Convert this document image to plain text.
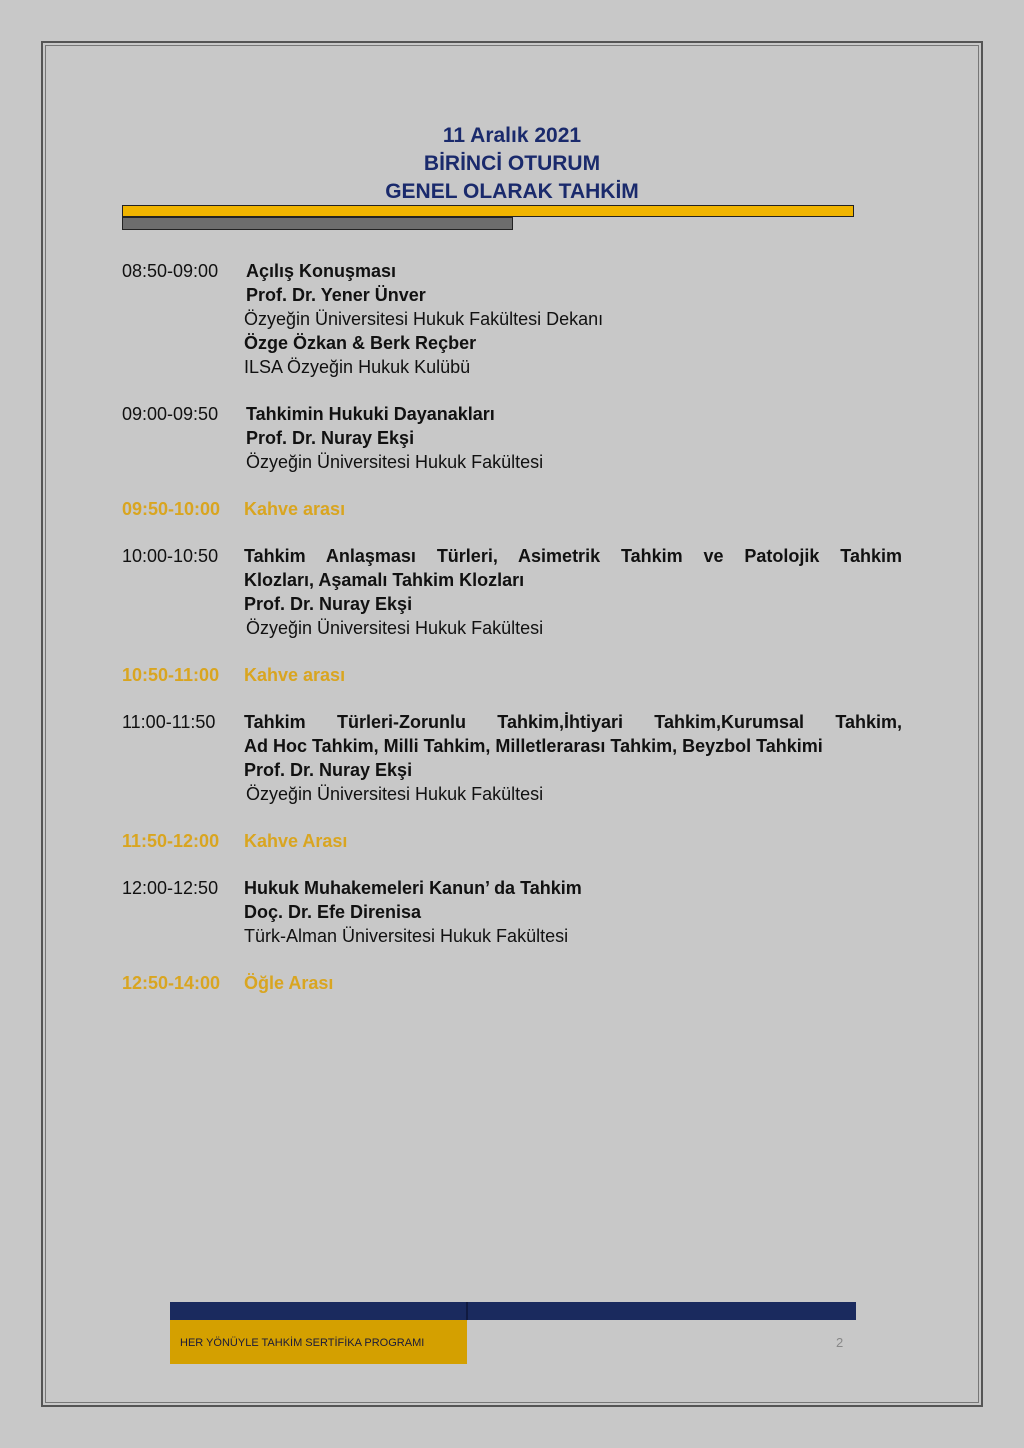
11 Aralık 2021
BİRİNCİ OTURUM
GENEL OLARAK TAHKİM
08:50-09:00 Açılış Konuşması
Prof. Dr. Yener Ünver
Özyeğin Üniversitesi Hukuk Fakültesi Dekanı
Özge Özkan & Berk Reçber
ILSA Özyeğin Hukuk Kulübü
09:00-09:50 Tahkimin Hukuki Dayanakları
Prof. Dr. Nuray Ekşi
Özyeğin Üniversitesi Hukuk Fakültesi
09:50-10:00 Kahve arası
10:00-10:50 Tahkim Anlaşması Türleri, Asimetrik Tahkim ve Patolojik Tahkim
Klozları, Aşamalı Tahkim Klozları
Prof. Dr. Nuray Ekşi
Özyeğin Üniversitesi Hukuk Fakültesi
10:50-11:00 Kahve arası
11:00-11:50 Tahkim Türleri-Zorunlu Tahkim,İhtiyari Tahkim,Kurumsal Tahkim,
Ad Hoc Tahkim, Milli Tahkim, Milletlerarası Tahkim, Beyzbol Tahkimi
Prof. Dr. Nuray Ekşi
Özyeğin Üniversitesi Hukuk Fakültesi
11:50-12:00 Kahve Arası
12:00-12:50 Hukuk Muhakemeleri Kanun’ da Tahkim
Doç. Dr. Efe Direnisa
Türk-Alman Üniversitesi Hukuk Fakültesi
12:50-14:00 Öğle Arası
HER YÖNÜYLE TAHKİM SERTİFİKA PROGRAMI	2
